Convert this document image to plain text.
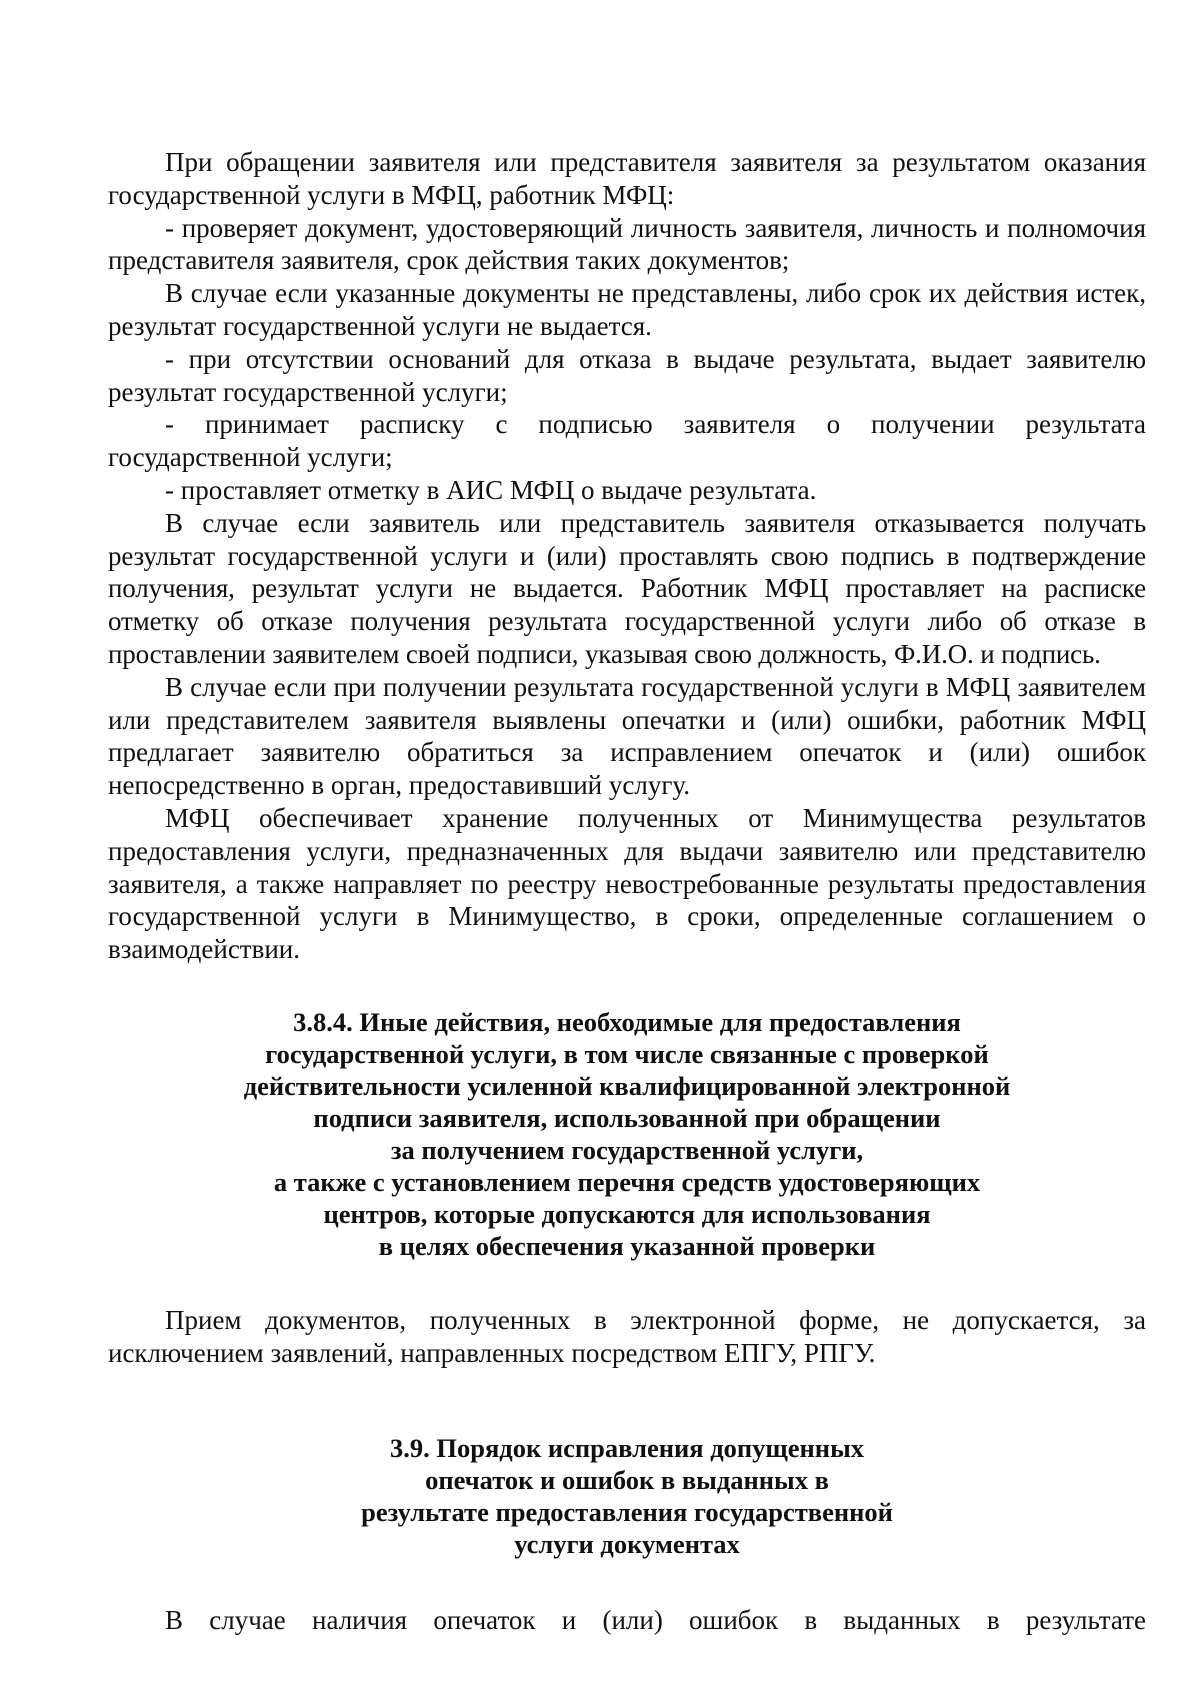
При обращении заявителя или представителя заявителя за результатом оказания государственной услуги в МФЦ, работник МФЦ:

- проверяет документ, удостоверяющий личность заявителя, личность и полномочия представителя заявителя, срок действия таких документов;

В случае если указанные документы не представлены, либо срок их действия истек, результат государственной услуги не выдается.

- при отсутствии оснований для отказа в выдаче результата, выдает заявителю результат государственной услуги;

- принимает расписку с подписью заявителя о получении результата государственной услуги;

- проставляет отметку в АИС МФЦ о выдаче результата.

В случае если заявитель или представитель заявителя отказывается получать результат государственной услуги и (или) проставлять свою подпись в подтверждение получения, результат услуги не выдается. Работник МФЦ проставляет на расписке отметку об отказе получения результата государственной услуги либо об отказе в проставлении заявителем своей подписи, указывая свою должность, Ф.И.О. и подпись.

В случае если при получении результата государственной услуги в МФЦ заявителем или представителем заявителя выявлены опечатки и (или) ошибки, работник МФЦ предлагает заявителю обратиться за исправлением опечаток и (или) ошибок непосредственно в орган, предоставивший услугу.

МФЦ обеспечивает хранение полученных от Минимущества результатов предоставления услуги, предназначенных для выдачи заявителю или представителю заявителя, а также направляет по реестру невостребованные результаты предоставления государственной услуги в Минимущество, в сроки, определенные соглашением о взаимодействии.

3.8.4. Иные действия, необходимые для предоставления
государственной услуги, в том числе связанные с проверкой
действительности усиленной квалифицированной электронной
подписи заявителя, использованной при обращении
за получением государственной услуги,
а также с установлением перечня средств удостоверяющих
центров, которые допускаются для использования
в целях обеспечения указанной проверки

Прием документов, полученных в электронной форме, не допускается, за исключением заявлений, направленных посредством ЕПГУ, РПГУ.

3.9. Порядок исправления допущенных
опечаток и ошибок в выданных в
результате предоставления государственной
услуги документах

В случае наличия опечаток и (или) ошибок в выданных в результате
